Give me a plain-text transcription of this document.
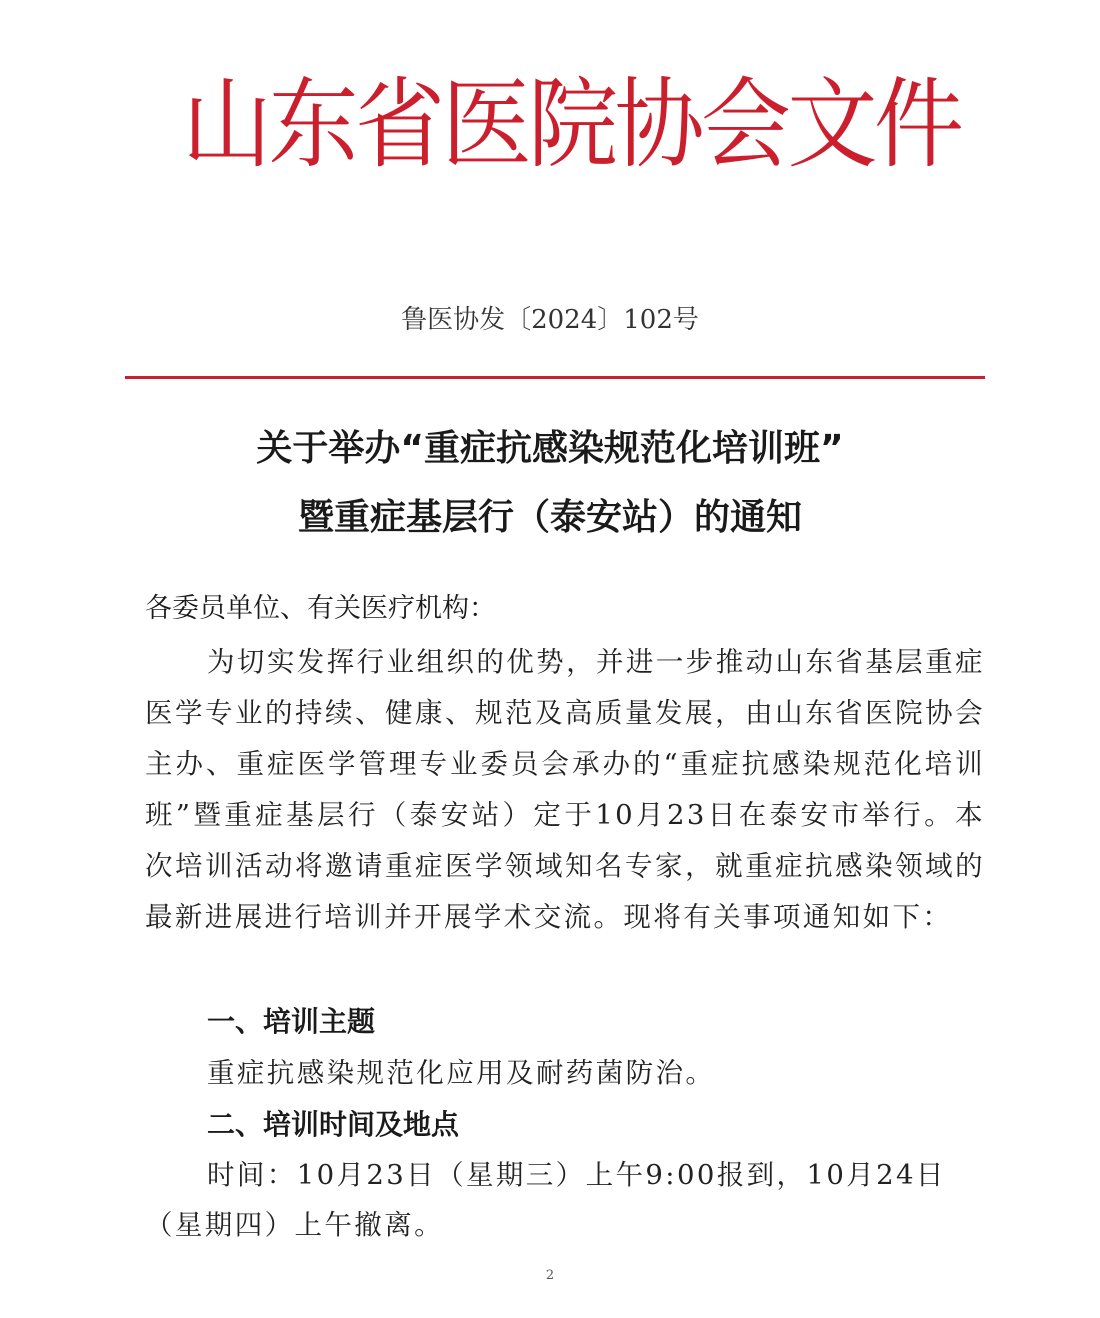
山东省医院协会文件
鲁医协发〔2024〕102号
关于举办“重症抗感染规范化培训班”
暨重症基层行（泰安站）的通知
各委员单位、有关医疗机构：
为切实发挥行业组织的优势，并进一步推动山东省基层重症医学专业的持续、健康、规范及高质量发展，由山东省医院协会主办、重症医学管理专业委员会承办的“重症抗感染规范化培训班”暨重症基层行（泰安站）定于10月23日在泰安市举行。本次培训活动将邀请重症医学领域知名专家，就重症抗感染领域的最新进展进行培训并开展学术交流。现将有关事项通知如下：
一、培训主题
重症抗感染规范化应用及耐药菌防治。
二、培训时间及地点
时间：10月23日（星期三）上午9:00报到，10月24日（星期四）上午撤离。
2
